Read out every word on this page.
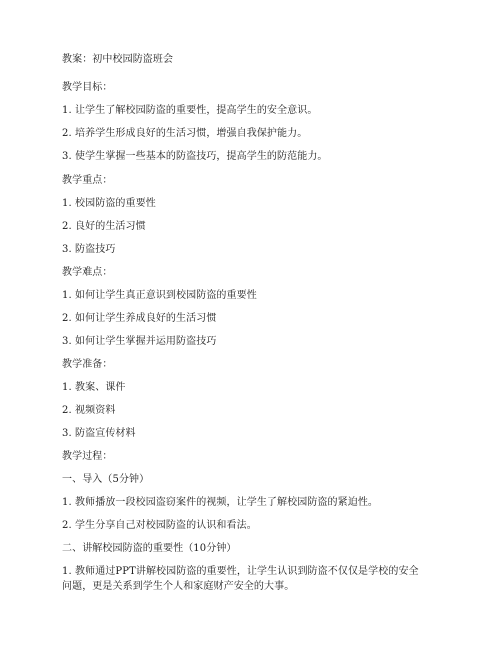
教案：初中校园防盗班会
教学目标：
1. 让学生了解校园防盗的重要性，提高学生的安全意识。
2. 培养学生形成良好的生活习惯，增强自我保护能力。
3. 使学生掌握一些基本的防盗技巧，提高学生的防范能力。
教学重点：
1. 校园防盗的重要性
2. 良好的生活习惯
3. 防盗技巧
教学难点：
1. 如何让学生真正意识到校园防盗的重要性
2. 如何让学生养成良好的生活习惯
3. 如何让学生掌握并运用防盗技巧
教学准备：
1. 教案、课件
2. 视频资料
3. 防盗宣传材料
教学过程：
一、导入（5分钟）
1. 教师播放一段校园盗窃案件的视频，让学生了解校园防盗的紧迫性。
2. 学生分享自己对校园防盗的认识和看法。
二、讲解校园防盗的重要性（10分钟）
1. 教师通过PPT讲解校园防盗的重要性，让学生认识到防盗不仅仅是学校的安全
问题，更是关系到学生个人和家庭财产安全的大事。
